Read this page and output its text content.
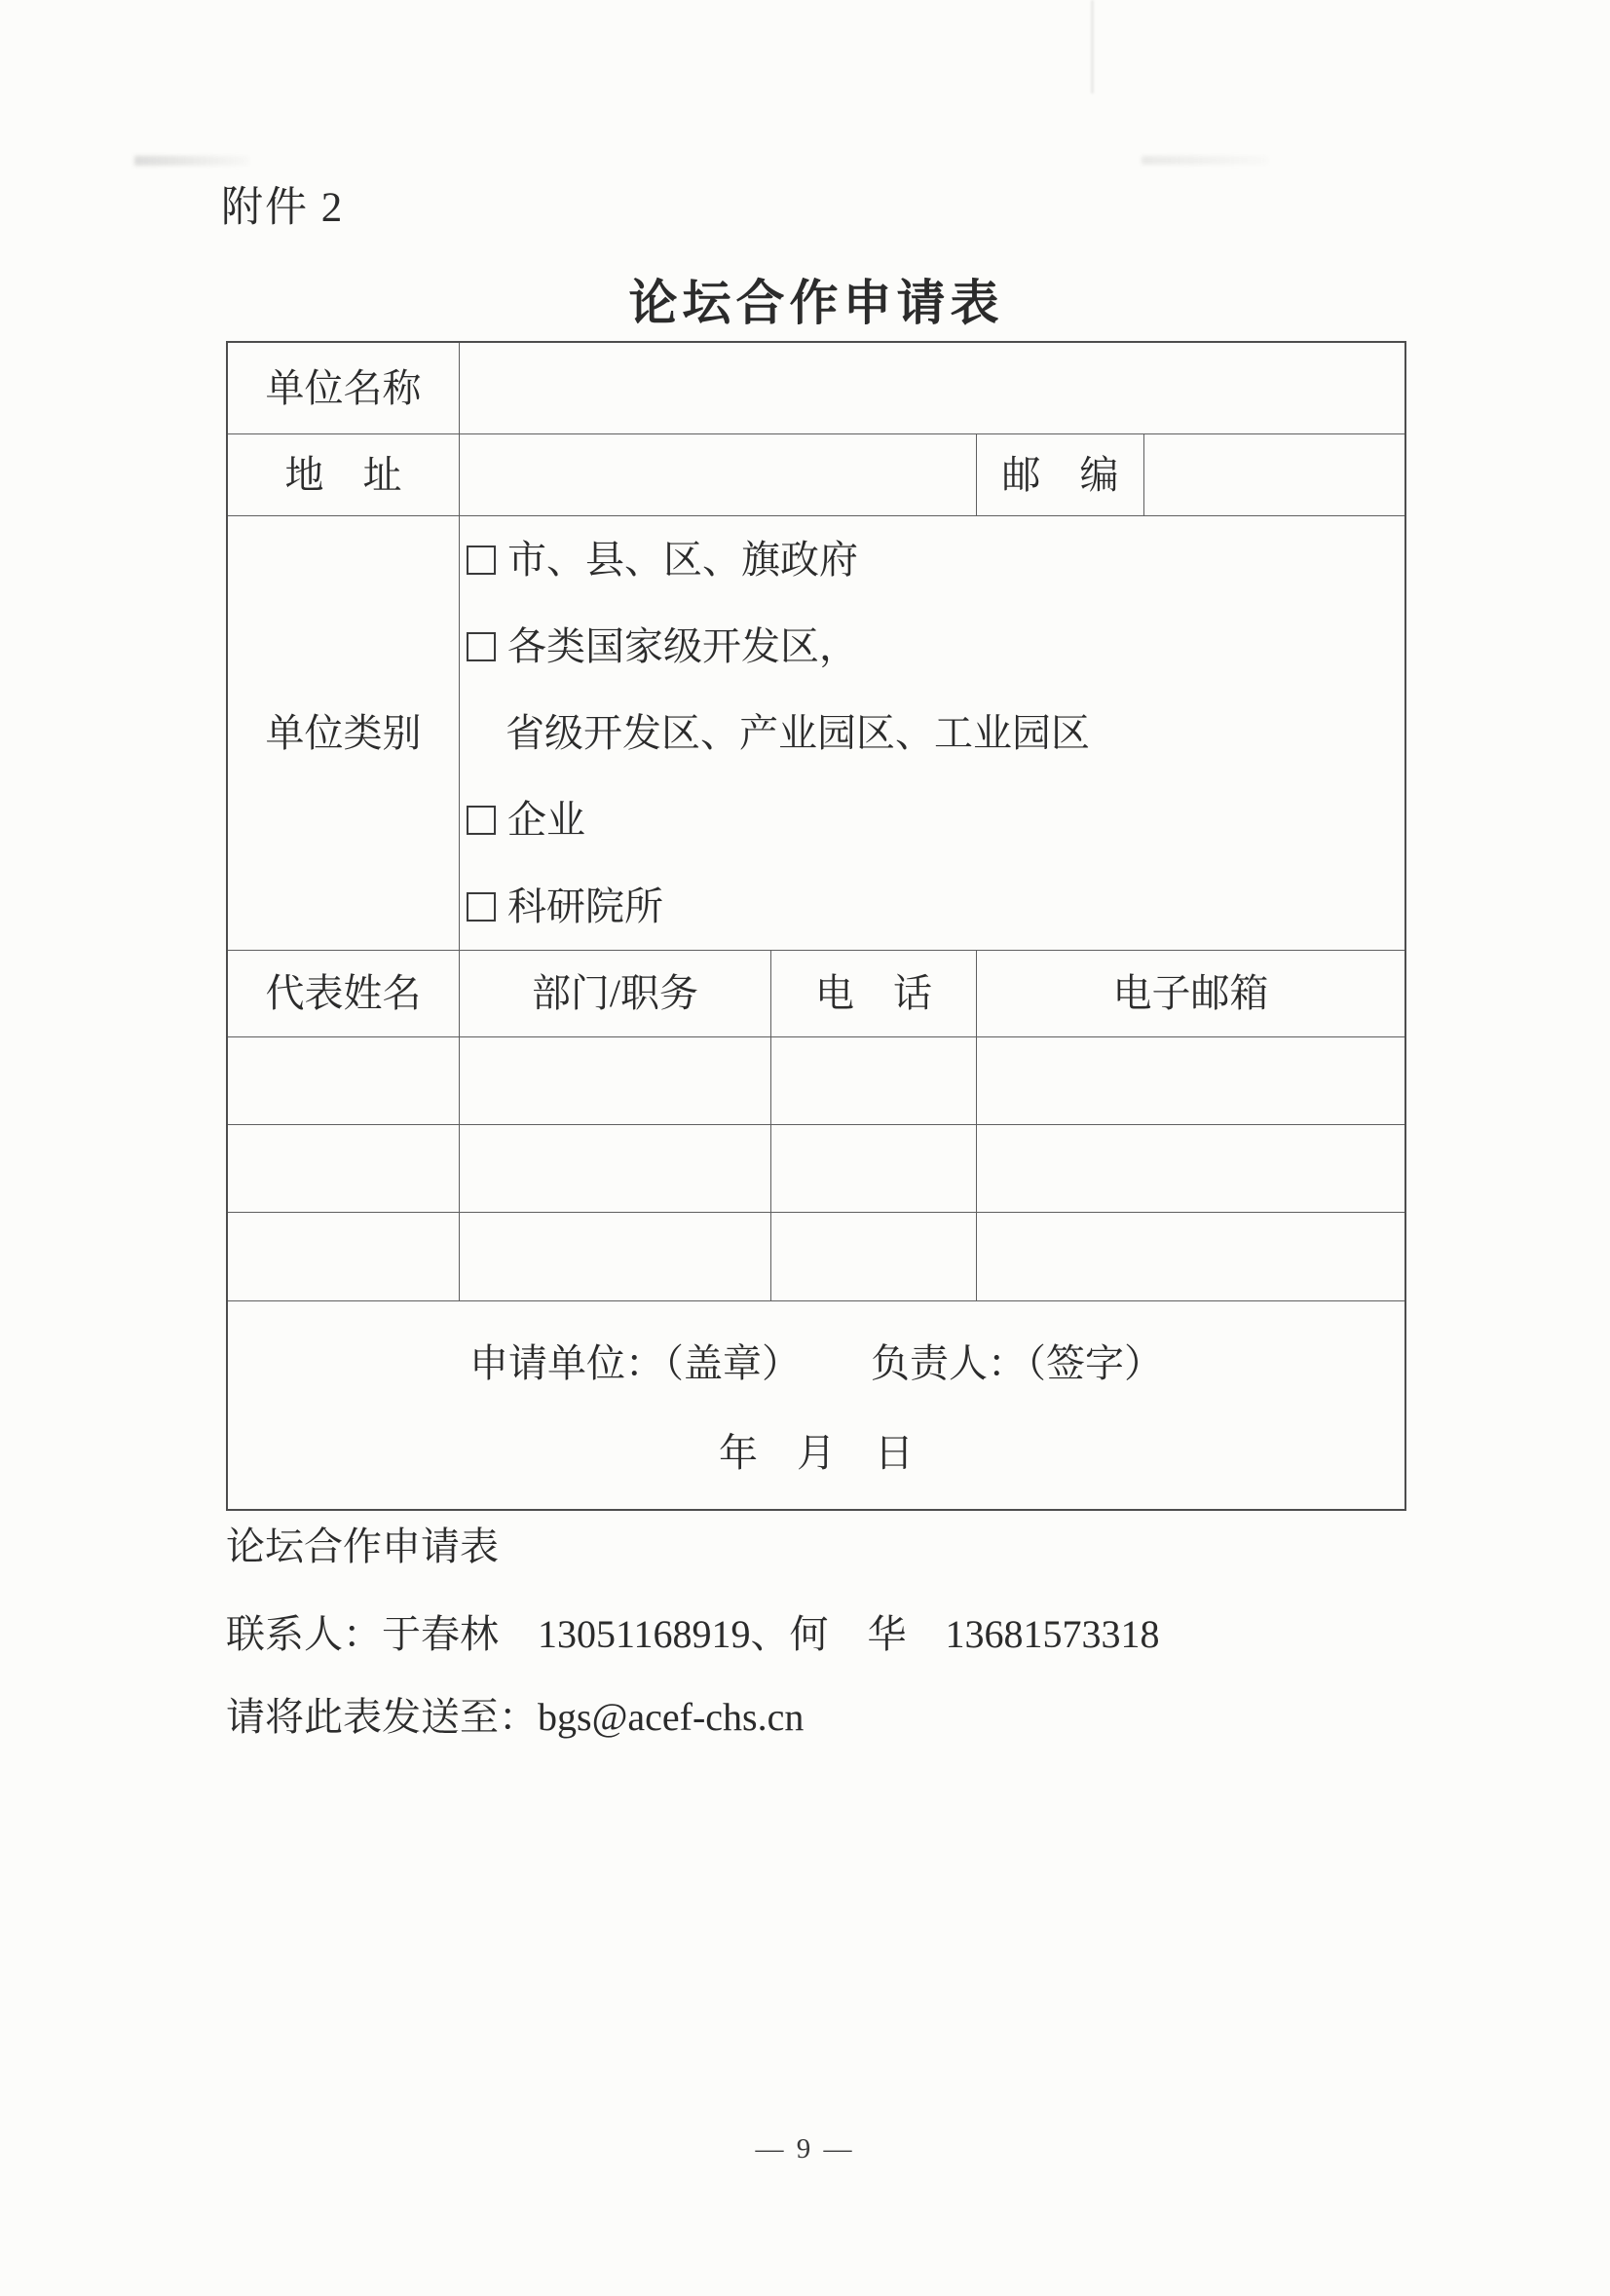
附件 2
论坛合作申请表
单位名称
地　址	邮　编
单位类别
市、县、区、旗政府
各类国家级开发区，
省级开发区、产业园区、工业园区
企业
科研院所
代表姓名	部门/职务	电　话	电子邮箱
申请单位：（盖章） 负责人：（签字）
年　月　日
论坛合作申请表
联系人：于春林　13051168919、何　华　13681573318
请将此表发送至：bgs@acef-chs.cn
— 9 —
